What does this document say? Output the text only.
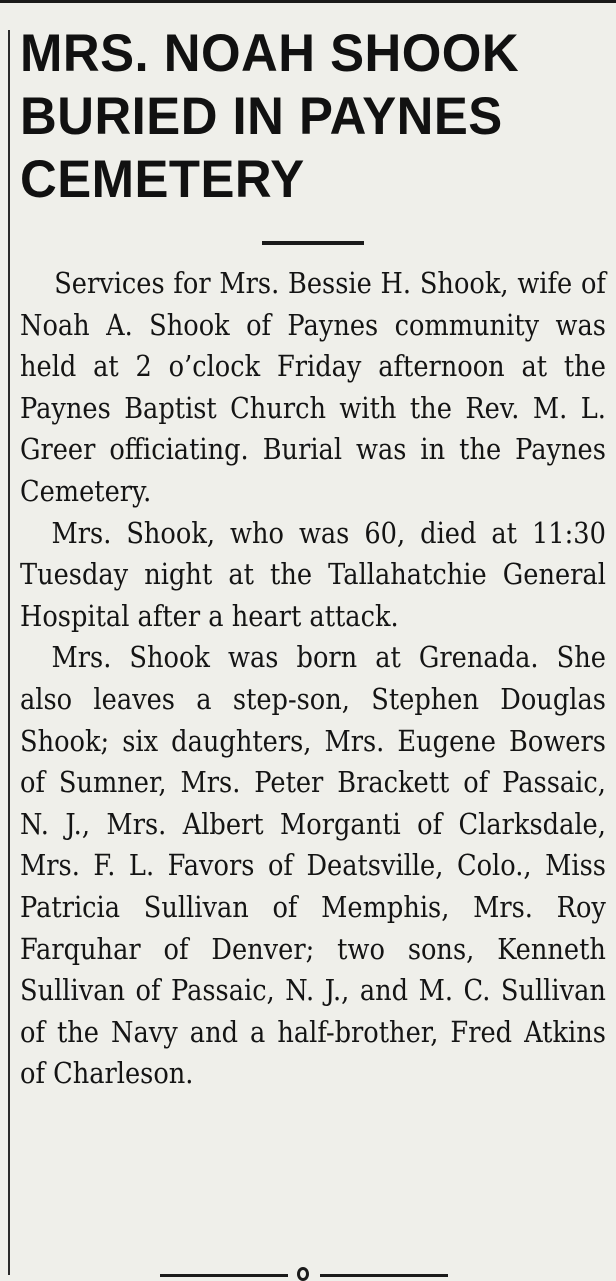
MRS. NOAH SHOOK
BURIED IN PAYNES
CEMETERY

Services for Mrs. Bessie H. Shook, wife of Noah A. Shook of Paynes community was held at 2 o’clock Friday afternoon at the Paynes Baptist Church with the Rev. M. L. Greer officiating. Burial was in the Paynes Cemetery.

Mrs. Shook, who was 60, died at 11:30 Tuesday night at the Tallahatchie General Hospital after a heart attack.

Mrs. Shook was born at Grenada. She also leaves a step-son, Stephen Douglas Shook; six daughters, Mrs. Eugene Bowers of Sumner, Mrs. Peter Brackett of Passaic, N. J., Mrs. Albert Morganti of Clarksdale, Mrs. F. L. Favors of Deatsville, Colo., Miss Patricia Sullivan of Memphis, Mrs. Roy Farquhar of Denver; two sons, Kenneth Sullivan of Passaic, N. J., and M. C. Sullivan of the Navy and a half-brother, Fred Atkins of Charleson.
